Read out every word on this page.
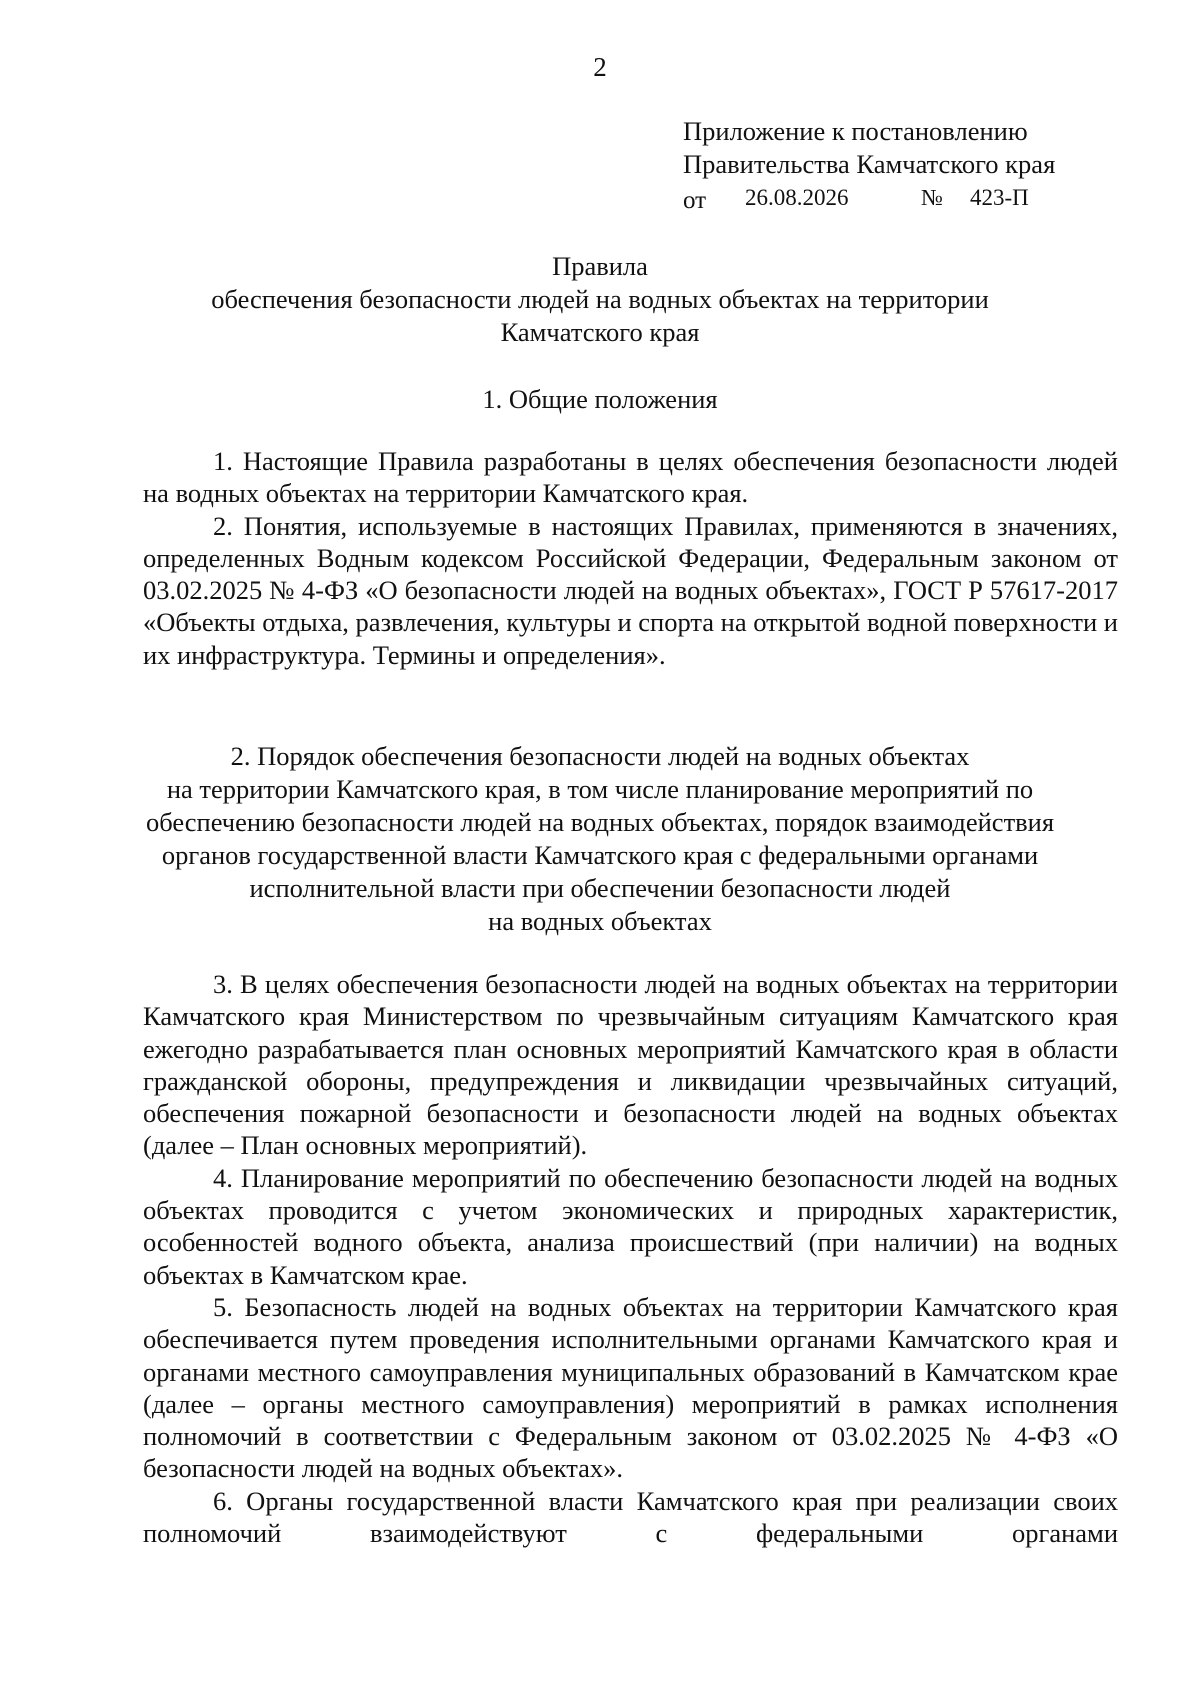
2
Приложение к постановлению
Правительства Камчатского края
от 26.08.2026	№ 423-П
Правила
обеспечения безопасности людей на водных объектах на территории
Камчатского края
1. Общие положения

1. Настоящие Правила разработаны в целях обеспечения безопасности людей на водных объектах на территории Камчатского края.

2. Понятия, используемые в настоящих Правилах, применяются в значениях, определенных Водным кодексом Российской Федерации, Федеральным законом от 03.02.2025 № 4-ФЗ «О безопасности людей на водных объектах», ГОСТ Р 57617-2017 «Объекты отдыха, развлечения, культуры и спорта на открытой водной поверхности и их инфраструктура. Термины и определения».

2. Порядок обеспечения безопасности людей на водных объектах
на территории Камчатского края, в том числе планирование мероприятий по
обеспечению безопасности людей на водных объектах, порядок взаимодействия
органов государственной власти Камчатского края с федеральными органами
исполнительной власти при обеспечении безопасности людей
на водных объектах

3. В целях обеспечения безопасности людей на водных объектах на территории Камчатского края Министерством по чрезвычайным ситуациям Камчатского края ежегодно разрабатывается план основных мероприятий Камчатского края в области гражданской обороны, предупреждения и ликвидации чрезвычайных ситуаций, обеспечения пожарной безопасности и безопасности людей на водных объектах (далее – План основных мероприятий).

4. Планирование мероприятий по обеспечению безопасности людей на водных объектах проводится с учетом экономических и природных характеристик, особенностей водного объекта, анализа происшествий (при наличии) на водных объектах в Камчатском крае.

5. Безопасность людей на водных объектах на территории Камчатского края обеспечивается путем проведения исполнительными органами Камчатского края и органами местного самоуправления муниципальных образований в Камчатском крае (далее – органы местного самоуправления) мероприятий в рамках исполнения полномочий в соответствии с Федеральным законом от 03.02.2025 № 4-ФЗ «О безопасности людей на водных объектах».

6. Органы государственной власти Камчатского края при реализации своих полномочий взаимодействуют с федеральными органами
